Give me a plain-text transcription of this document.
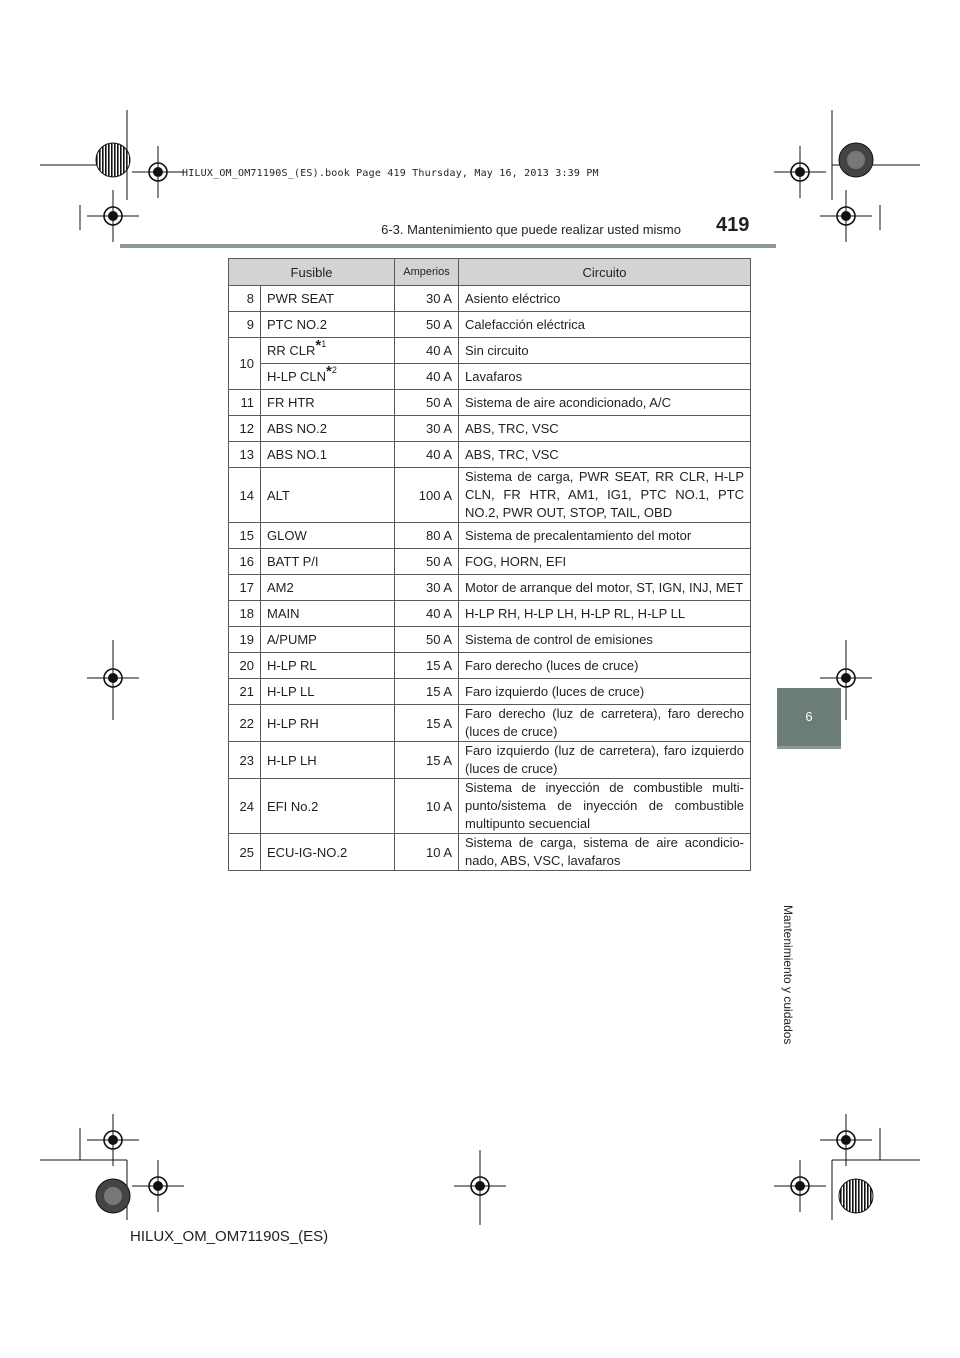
HILUX_OM_OM71190S_(ES).book Page 419 Thursday, May 16, 2013 3:39 PM
419
6-3. Mantenimiento que puede realizar usted mismo
6
Mantenimiento y cuidados
Fusible		Amperios	Circuito
8	PWR SEAT	30 A	Asiento eléctrico
9	PTC NO.2	50 A	Calefacción eléctrica
10	RR CLR$^{*^1}$	40 A	Sin circuito
	H-LP CLN$^{*^2}$	40 A	Lavafaros
11	FR HTR	50 A	Sistema de aire acondicionado, A/C
12	ABS NO.2	30 A	ABS, TRC, VSC
13	ABS NO.1	40 A	ABS, TRC, VSC
14	ALT	100 A	Sistema de carga, PWR SEAT, RR CLR, H-LP CLN, FR HTR, AM1, IG1, PTC NO.1, PTC NO.2, PWR OUT, STOP, TAIL, OBD
15	GLOW	80 A	Sistema de precalentamiento del motor
16	BATT P/I	50 A	FOG, HORN, EFI
17	AM2	30 A	Motor de arranque del motor, ST, IGN, INJ, MET
18	MAIN	40 A	H-LP RH, H-LP LH, H-LP RL, H-LP LL
19	A/PUMP	50 A	Sistema de control de emisiones
20	H-LP RL	15 A	Faro derecho (luces de cruce)
21	H-LP LL	15 A	Faro izquierdo (luces de cruce)
22	H-LP RH	15 A	Faro derecho (luz de carretera), faro derecho (luces de cruce)
23	H-LP LH	15 A	Faro izquierdo (luz de carretera), faro izquierdo (luces de cruce)
24	EFI No.2	10 A	Sistema de inyección de combustible multi-punto/sistema de inyección de combustible multipunto secuencial
25	ECU-IG-NO.2	10 A	Sistema de carga, sistema de aire acondicio-nado, ABS, VSC, lavafaros
HILUX_OM_OM71190S_(ES)
